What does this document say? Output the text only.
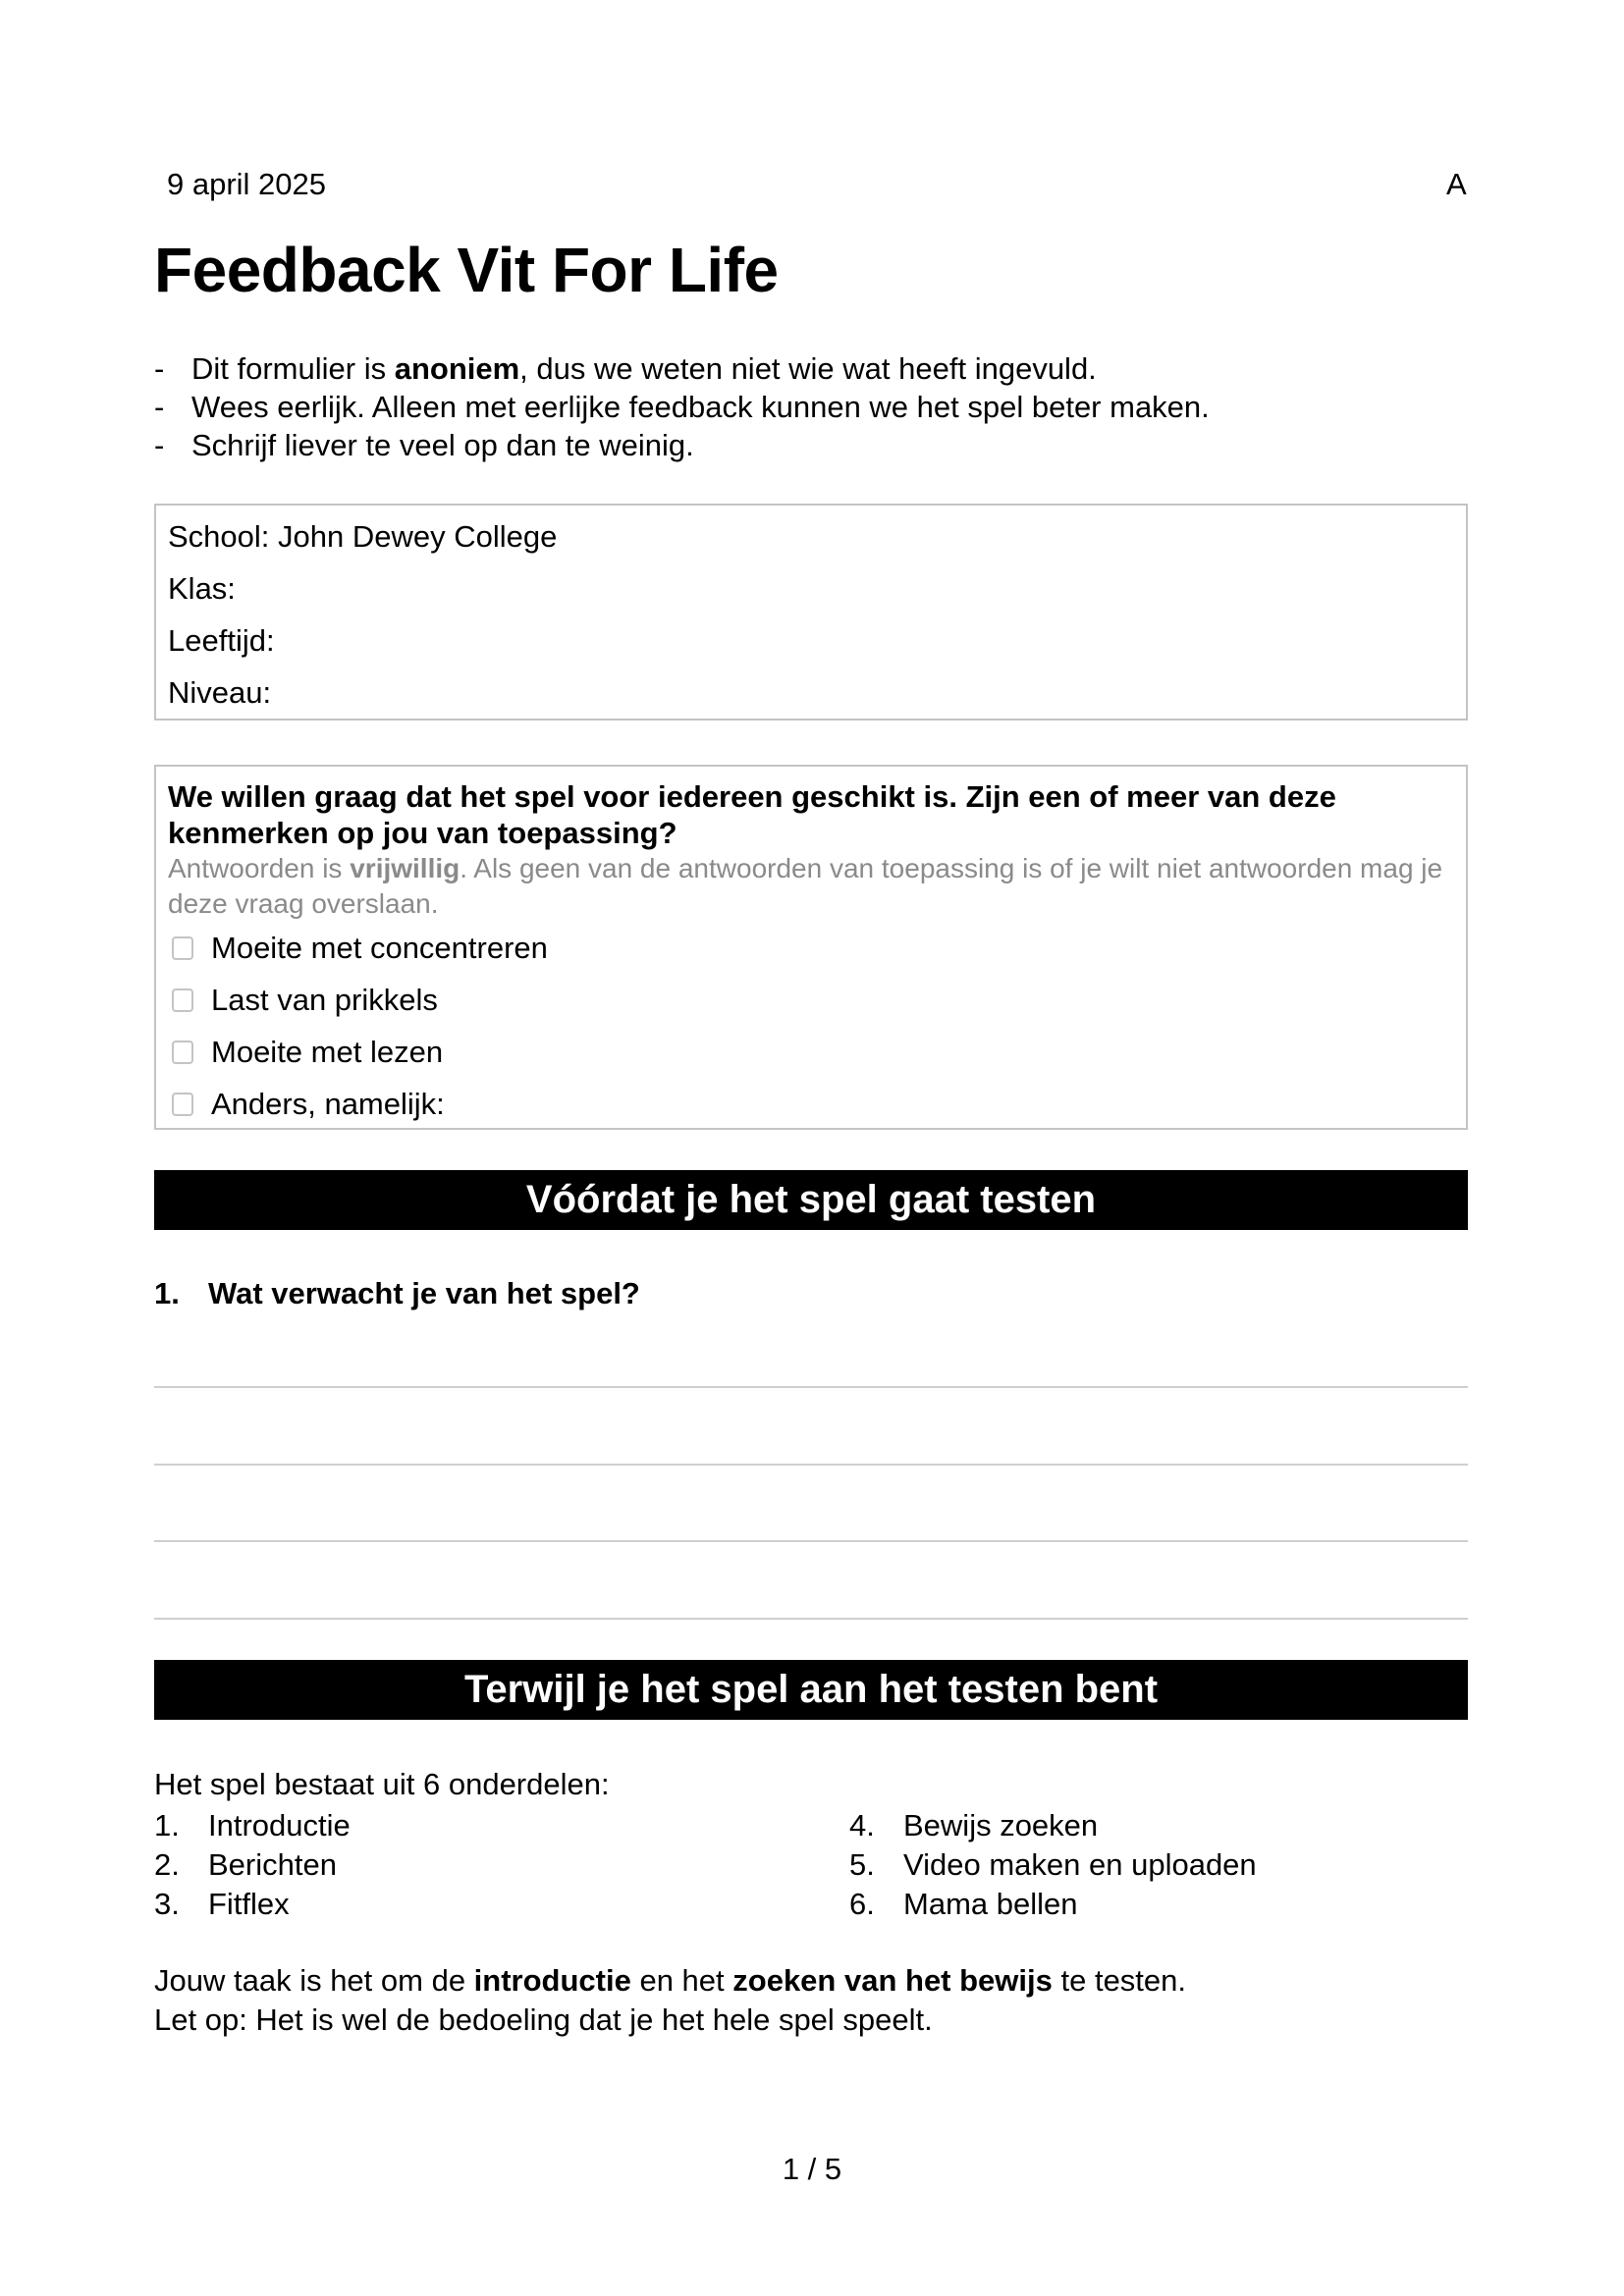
9 april 2025	A
Feedback Vit For Life
- Dit formulier is anoniem, dus we weten niet wie wat heeft ingevuld.
- Wees eerlijk. Alleen met eerlijke feedback kunnen we het spel beter maken.
- Schrijf liever te veel op dan te weinig.
School: John Dewey College
Klas:
Leeftijd:
Niveau:
We willen graag dat het spel voor iedereen geschikt is. Zijn een of meer van deze kenmerken op jou van toepassing?
Antwoorden is vrijwillig. Als geen van de antwoorden van toepassing is of je wilt niet antwoorden mag je deze vraag overslaan.
Moeite met concentreren
Last van prikkels
Moeite met lezen
Anders, namelijk:
Vóórdat je het spel gaat testen
1. Wat verwacht je van het spel?
Terwijl je het spel aan het testen bent
Het spel bestaat uit 6 onderdelen:
1. Introductie
2. Berichten
3. Fitflex
4. Bewijs zoeken
5. Video maken en uploaden
6. Mama bellen
Jouw taak is het om de introductie en het zoeken van het bewijs te testen.
Let op: Het is wel de bedoeling dat je het hele spel speelt.
1 / 5
